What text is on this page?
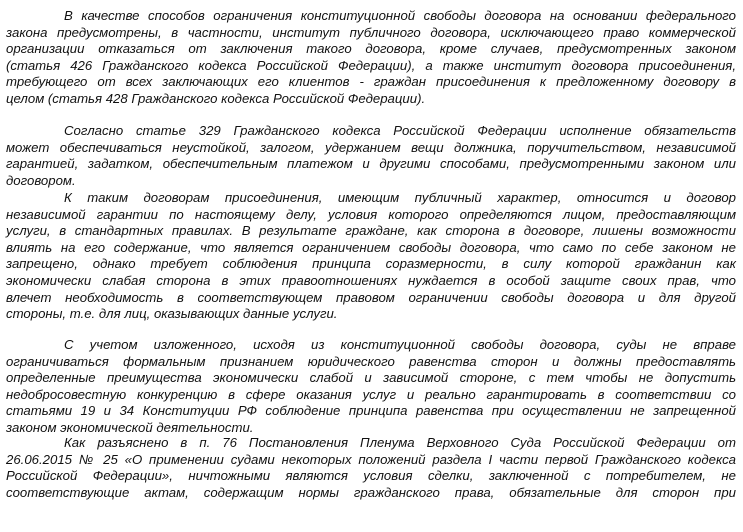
В качестве способов ограничения конституционной свободы договора на основании федерального
закона предусмотрены, в частности, институт публичного договора, исключающего право коммерческой
организации отказаться от заключения такого договора, кроме случаев, предусмотренных законом
(статья 426 Гражданского кодекса Российской Федерации), а также институт договора присоединения,
требующего от всех заключающих его клиентов - граждан присоединения к предложенному договору в
целом (статья 428 Гражданского кодекса Российской Федерации).
Согласно статье 329 Гражданского кодекса Российской Федерации исполнение обязательств
может обеспечиваться неустойкой, залогом, удержанием вещи должника, поручительством, независимой
гарантией, задатком, обеспечительным платежом и другими способами, предусмотренными законом или
договором.
К таким договорам присоединения, имеющим публичный характер, относится и договор
независимой гарантии по настоящему делу, условия которого определяются лицом, предоставляющим
услуги, в стандартных правилах. В результате граждане, как сторона в договоре, лишены возможности
влиять на его содержание, что является ограничением свободы договора, что само по себе законом не
запрещено, однако требует соблюдения принципа соразмерности, в силу которой гражданин как
экономически слабая сторона в этих правоотношениях нуждается в особой защите своих прав, что
влечет необходимость в соответствующем правовом ограничении свободы договора и для другой
стороны, т.е. для лиц, оказывающих данные услуги.
С учетом изложенного, исходя из конституционной свободы договора, суды не вправе
ограничиваться формальным признанием юридического равенства сторон и должны предоставлять
определенные преимущества экономически слабой и зависимой стороне, с тем чтобы не допустить
недобросовестную конкуренцию в сфере оказания услуг и реально гарантировать в соответствии со
статьями 19 и 34 Конституции РФ соблюдение принципа равенства при осуществлении не запрещенной
законом экономической деятельности.
Как разъяснено в п. 76 Постановления Пленума Верховного Суда Российской Федерации от
26.06.2015 № 25 «О применении судами некоторых положений раздела I части первой Гражданского кодекса
Российской Федерации», ничтожными являются условия сделки, заключенной с потребителем, не
соответствующие актам, содержащим нормы гражданского права, обязательные для сторон при
